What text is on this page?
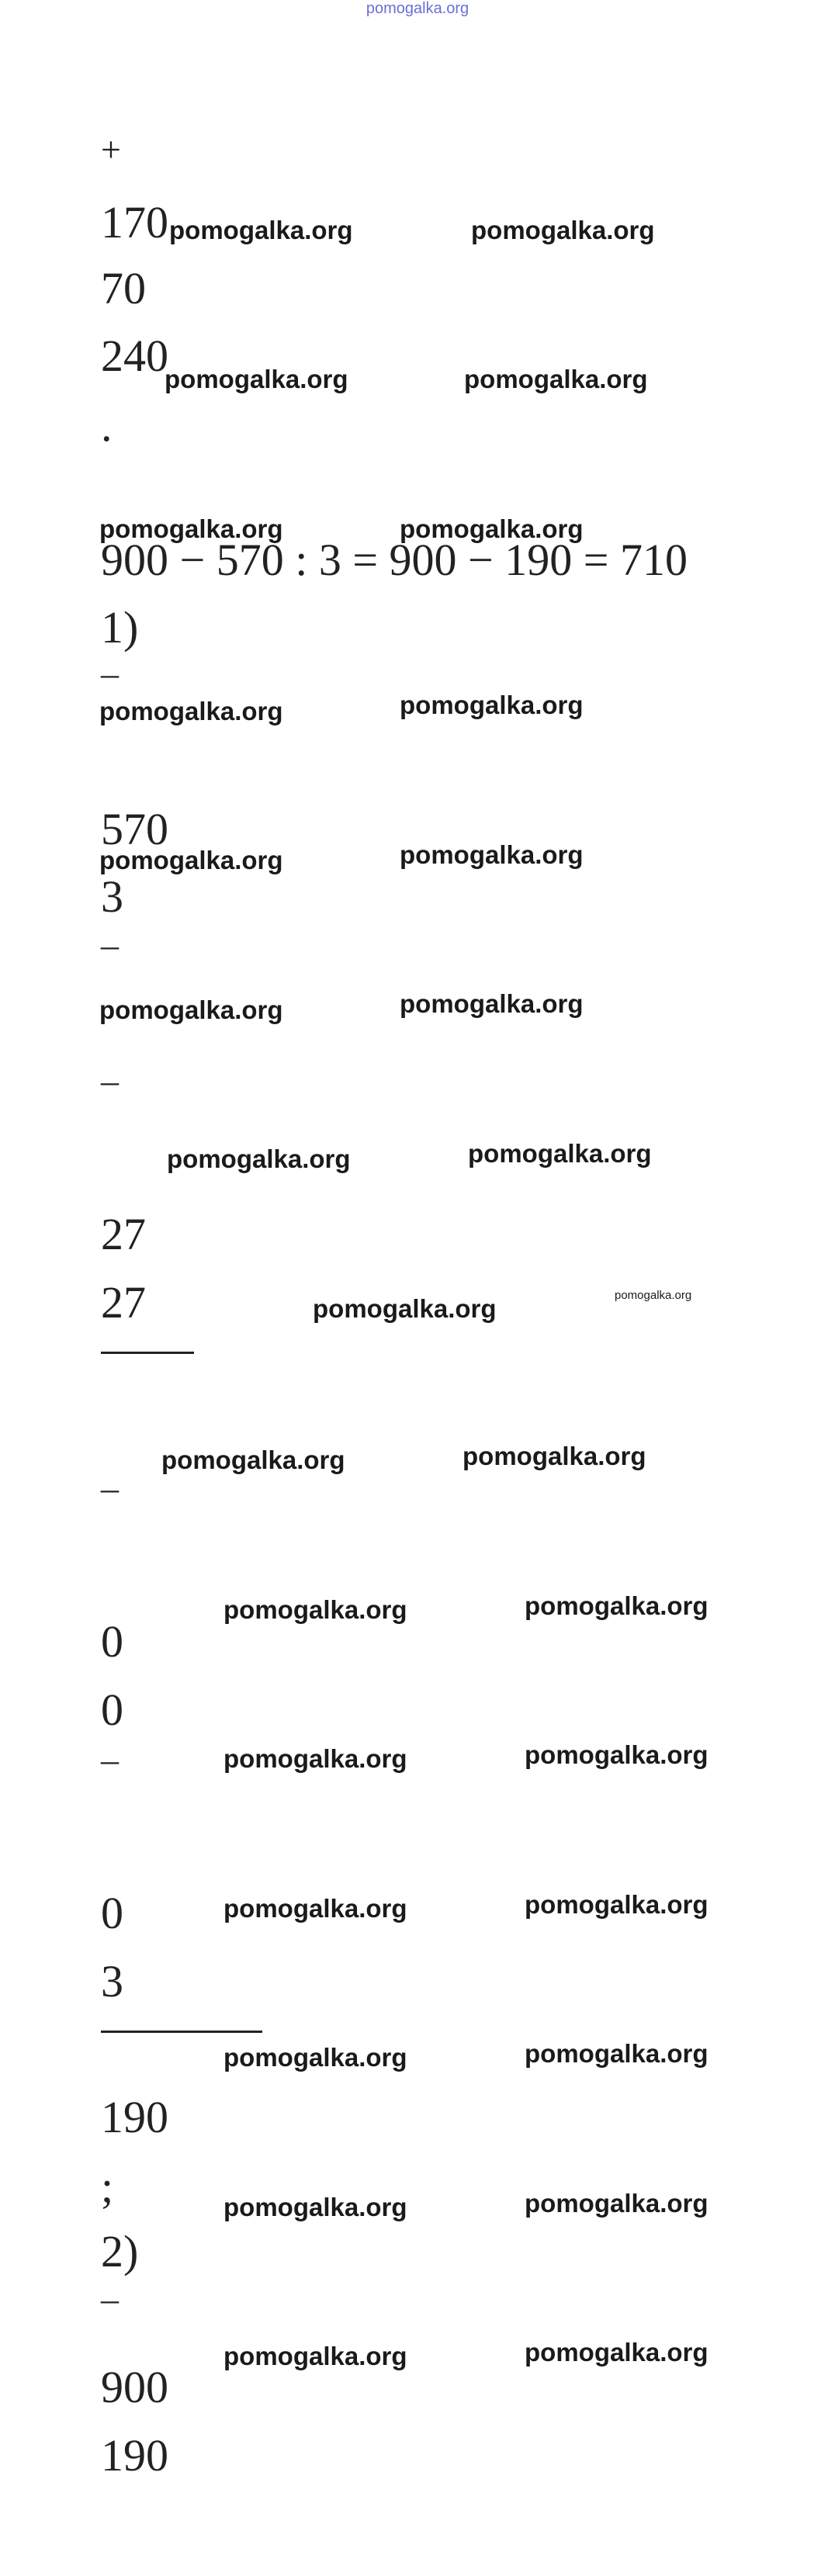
pomogalka.org
+
170
70
240
.
900 − 570 : 3 = 900 − 190 = 710
1)
–
570
3
–
–
27
27
–
0
0
–
0
3
190
;
2)
–
900
190
pomogalka.org	pomogalka.org
pomogalka.org	pomogalka.org
pomogalka.org	pomogalka.org
pomogalka.org	pomogalka.org
pomogalka.org	pomogalka.org
pomogalka.org	pomogalka.org
pomogalka.org	pomogalka.org
pomogalka.org	pomogalka.org
pomogalka.org	pomogalka.org
pomogalka.org	pomogalka.org
pomogalka.org	pomogalka.org
pomogalka.org	pomogalka.org
pomogalka.org	pomogalka.org
pomogalka.org	pomogalka.org
pomogalka.org	pomogalka.org
